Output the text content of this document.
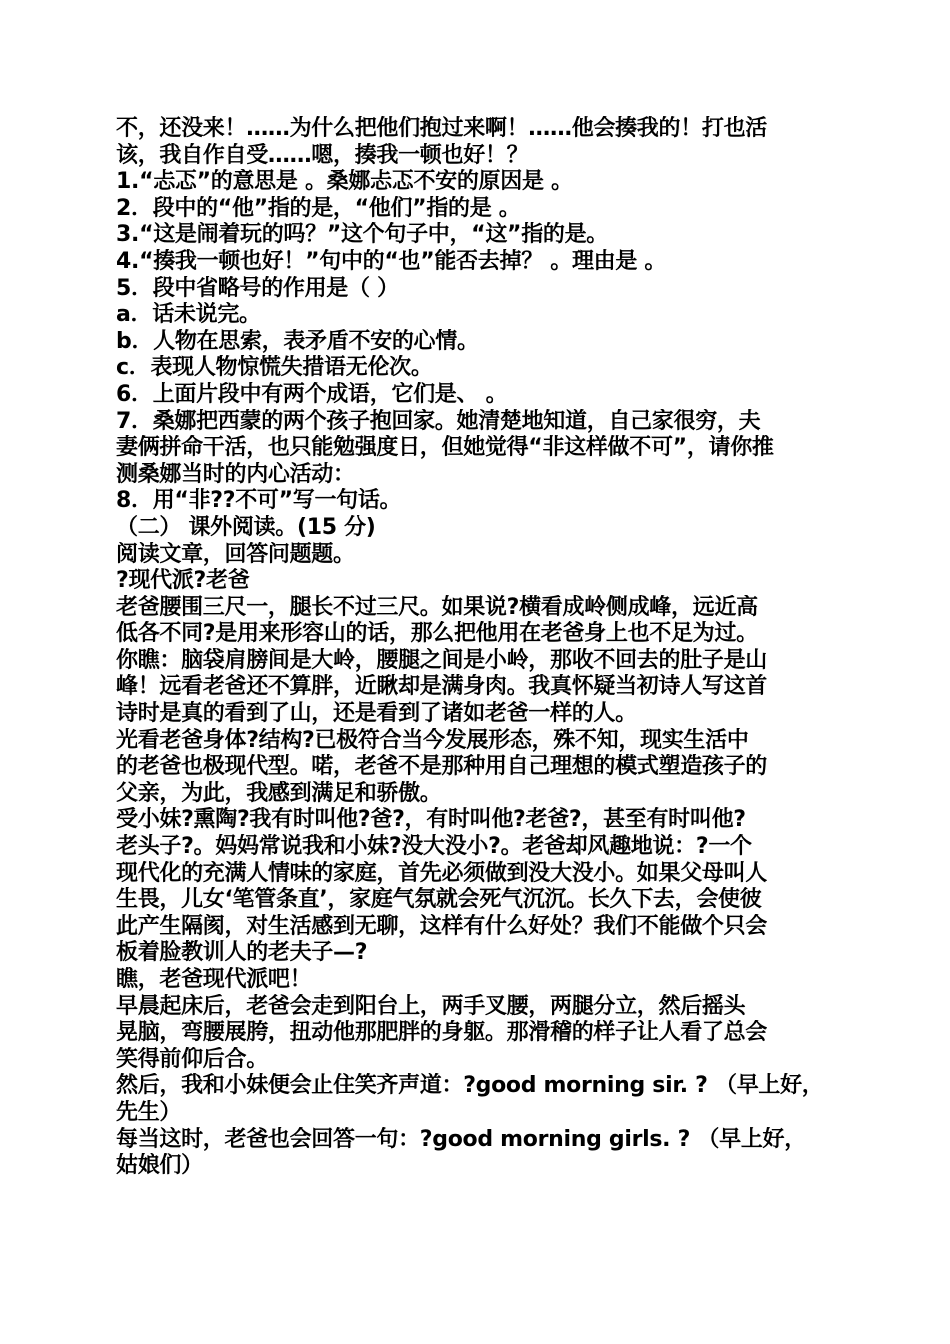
不，还没来！……为什么把他们抱过来啊！……他会揍我的！打也活
该，我自作自受……嗯，揍我一顿也好！？
1.“忐忑”的意思是 。桑娜忐忑不安的原因是 。
2．段中的“他”指的是，“他们”指的是 。
3.“这是闹着玩的吗？”这个句子中，“这”指的是。
4.“揍我一顿也好！”句中的“也”能否去掉？ 。理由是 。
5．段中省略号的作用是（ ）
a．话未说完。
b．人物在思索，表矛盾不安的心情。
c．表现人物惊慌失措语无伦次。
6．上面片段中有两个成语，它们是、 。
7．桑娜把西蒙的两个孩子抱回家。她清楚地知道，自己家很穷，夫
妻俩拼命干活，也只能勉强度日，但她觉得“非这样做不可”，请你推
测桑娜当时的内心活动：
8．用“非??不可”写一句话。
（二） 课外阅读。(15 分)
阅读文章，回答问题题。
?现代派?老爸
老爸腰围三尺一，腿长不过三尺。如果说?横看成岭侧成峰，远近高
低各不同?是用来形容山的话，那么把他用在老爸身上也不足为过。
你瞧：脑袋肩膀间是大岭，腰腿之间是小岭，那收不回去的肚子是山
峰！远看老爸还不算胖，近瞅却是满身肉。我真怀疑当初诗人写这首
诗时是真的看到了山，还是看到了诸如老爸一样的人。
光看老爸身体?结构?已极符合当今发展形态，殊不知，现实生活中
的老爸也极现代型。喏，老爸不是那种用自己理想的模式塑造孩子的
父亲，为此，我感到满足和骄傲。
受小妹?熏陶?我有时叫他?爸?，有时叫他?老爸?，甚至有时叫他?
老头子?。妈妈常说我和小妹?没大没小?。老爸却风趣地说：?一个
现代化的充满人情味的家庭，首先必须做到没大没小。如果父母叫人
生畏，儿女‘笔管条直’，家庭气氛就会死气沉沉。长久下去，会使彼
此产生隔阂，对生活感到无聊，这样有什么好处？我们不能做个只会
板着脸教训人的老夫子—?
瞧，老爸现代派吧！
早晨起床后，老爸会走到阳台上，两手叉腰，两腿分立，然后摇头
晃脑，弯腰展胯，扭动他那肥胖的身躯。那滑稽的样子让人看了总会
笑得前仰后合。
然后，我和小妹便会止住笑齐声道：?good morning sir. ? （早上好，
先生）
每当这时，老爸也会回答一句：?good morning girls. ? （早上好，
姑娘们）
